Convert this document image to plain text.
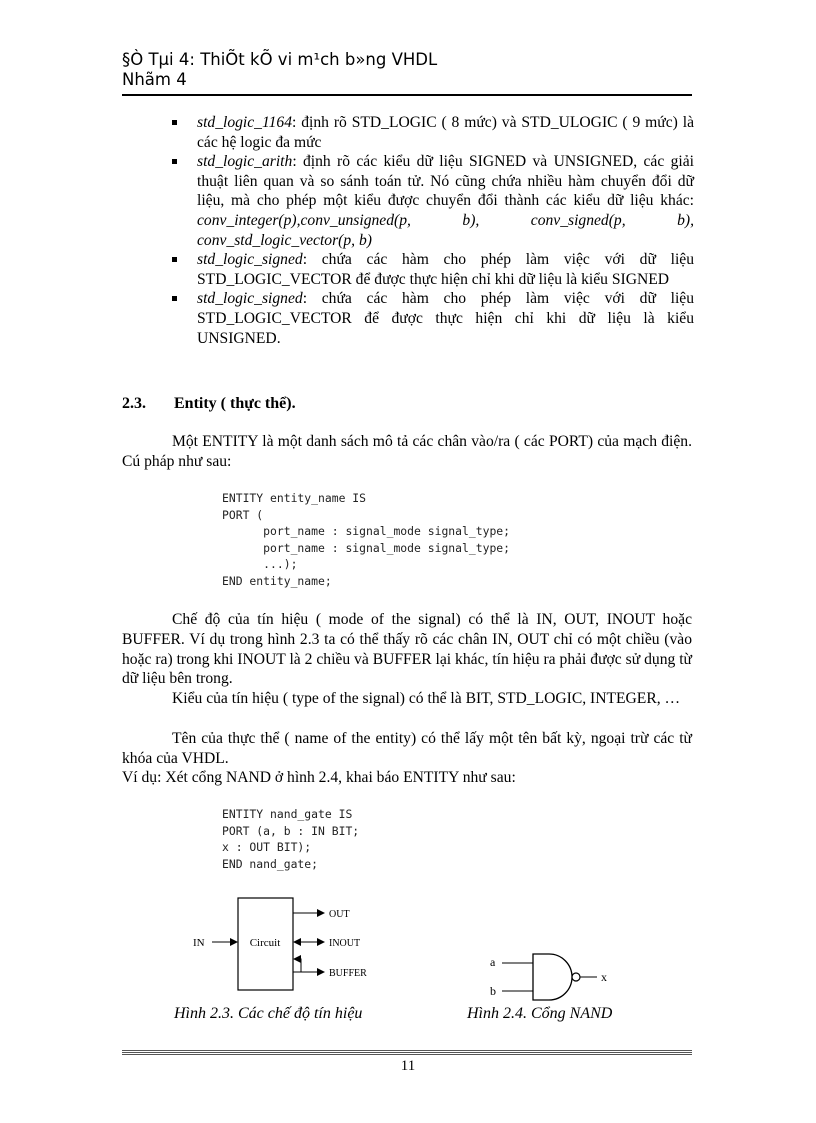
§Ò Tµi 4: ThiÕt kÕ vi m¹ch b»ng VHDL
Nhãm 4
std_logic_1164: định rõ STD_LOGIC ( 8 mức) và STD_ULOGIC ( 9 mức) là các hệ logic đa mức
std_logic_arith: định rõ các kiểu dữ liệu SIGNED và UNSIGNED, các giải thuật liên quan và so sánh toán tử. Nó cũng chứa nhiều hàm chuyển đổi dữ liệu, mà cho phép một kiểu được chuyển đổi thành các kiểu dữ liệu khác: conv_integer(p),conv_unsigned(p, b), conv_signed(p, b), conv_std_logic_vector(p, b)
std_logic_signed: chứa các hàm cho phép làm việc với dữ liệu STD_LOGIC_VECTOR để được thực hiện chỉ khi dữ liệu là kiểu SIGNED
std_logic_signed: chứa các hàm cho phép làm việc với dữ liệu STD_LOGIC_VECTOR để được thực hiện chỉ khi dữ liệu là kiểu UNSIGNED.
2.3. Entity ( thực thể).

Một ENTITY là một danh sách mô tả các chân vào/ra ( các PORT) của mạch điện. Cú pháp như sau:

ENTITY entity_name IS
PORT (
port_name : signal_mode signal_type;
port_name : signal_mode signal_type;
...);
END entity_name;

Chế độ của tín hiệu ( mode of the signal) có thể là IN, OUT, INOUT hoặc BUFFER. Ví dụ trong hình 2.3 ta có thể thấy rõ các chân IN, OUT chỉ có một chiều (vào hoặc ra) trong khi INOUT là 2 chiều và BUFFER lại khác, tín hiệu ra phải được sử dụng từ dữ liệu bên trong.

Kiểu của tín hiệu ( type of the signal) có thể là BIT, STD_LOGIC, INTEGER, …

Tên của thực thể ( name of the entity) có thể lấy một tên bất kỳ, ngoại trừ các từ khóa của VHDL.

Ví dụ: Xét cổng NAND ở hình 2.4, khai báo ENTITY như sau:

ENTITY nand_gate IS
PORT (a, b : IN BIT;
x : OUT BIT);
END nand_gate;
Circuit
IN
OUT
INOUT
BUFFER
a
b
x
Hình 2.3. Các chế độ tín hiệu	Hình 2.4. Cổng NAND
11
